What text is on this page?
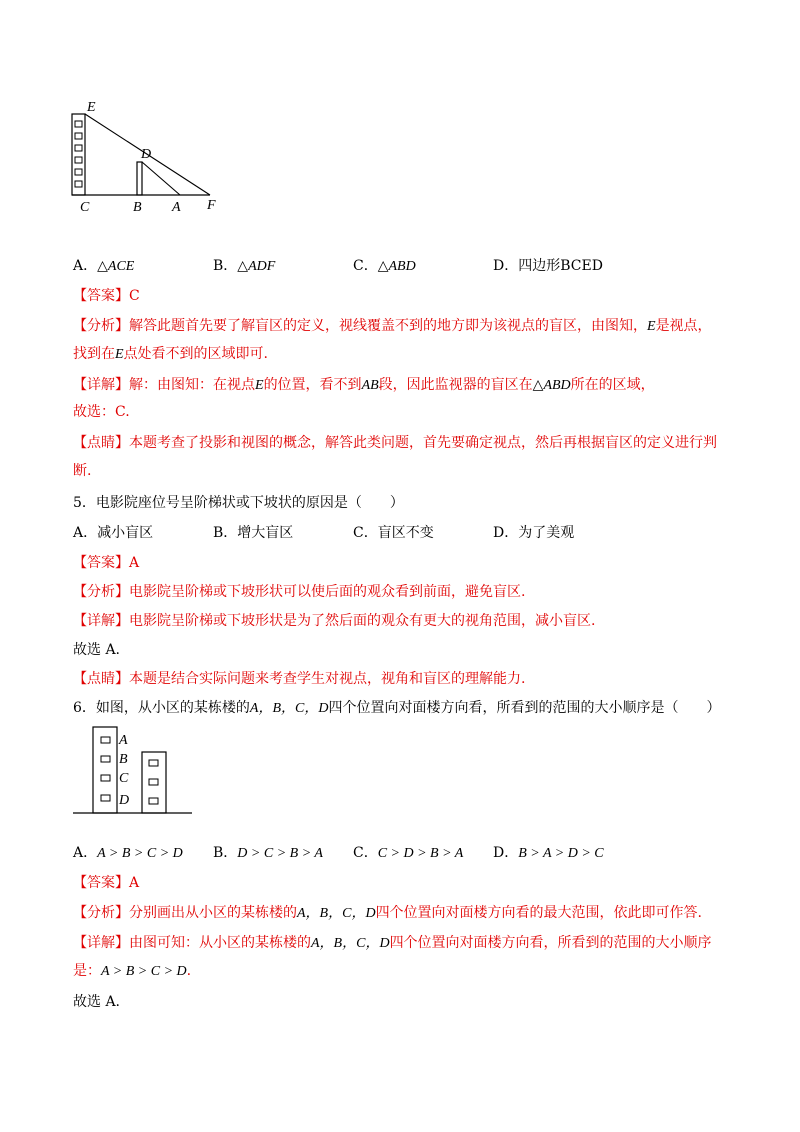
E
D
C	B A F
A．△ACE	B．△ADF	C．△ABD	D．四边形BCED
【答案】C
【分析】解答此题首先要了解盲区的定义，视线覆盖不到的地方即为该视点的盲区，由图知，E是视点，
找到在E点处看不到的区域即可.
【详解】解：由图知：在视点E的位置，看不到AB段，因此监视器的盲区在△ABD所在的区域，
故选：C.
【点睛】本题考查了投影和视图的概念，解答此类问题，首先要确定视点，然后再根据盲区的定义进行判
断.
5．电影院座位号呈阶梯状或下坡状的原因是（　　）
A．减小盲区	B．增大盲区	C．盲区不变	D．为了美观
【答案】A
【分析】电影院呈阶梯或下坡形状可以使后面的观众看到前面，避免盲区.
【详解】电影院呈阶梯或下坡形状是为了然后面的观众有更大的视角范围，减小盲区.
故选 A.
【点睛】本题是结合实际问题来考查学生对视点，视角和盲区的理解能力.
6．如图，从小区的某栋楼的A，B，C，D四个位置向对面楼方向看，所看到的范围的大小顺序是（　　）
A
B
C
D
A．A > B > C > D B．D > C > B > A C．C > D > B > A D．B > A > D > C
【答案】A
【分析】分别画出从小区的某栋楼的A，B，C，D四个位置向对面楼方向看的最大范围，依此即可作答.
【详解】由图可知：从小区的某栋楼的A，B，C，D四个位置向对面楼方向看，所看到的范围的大小顺序
是：A > B > C > D.
故选 A.
